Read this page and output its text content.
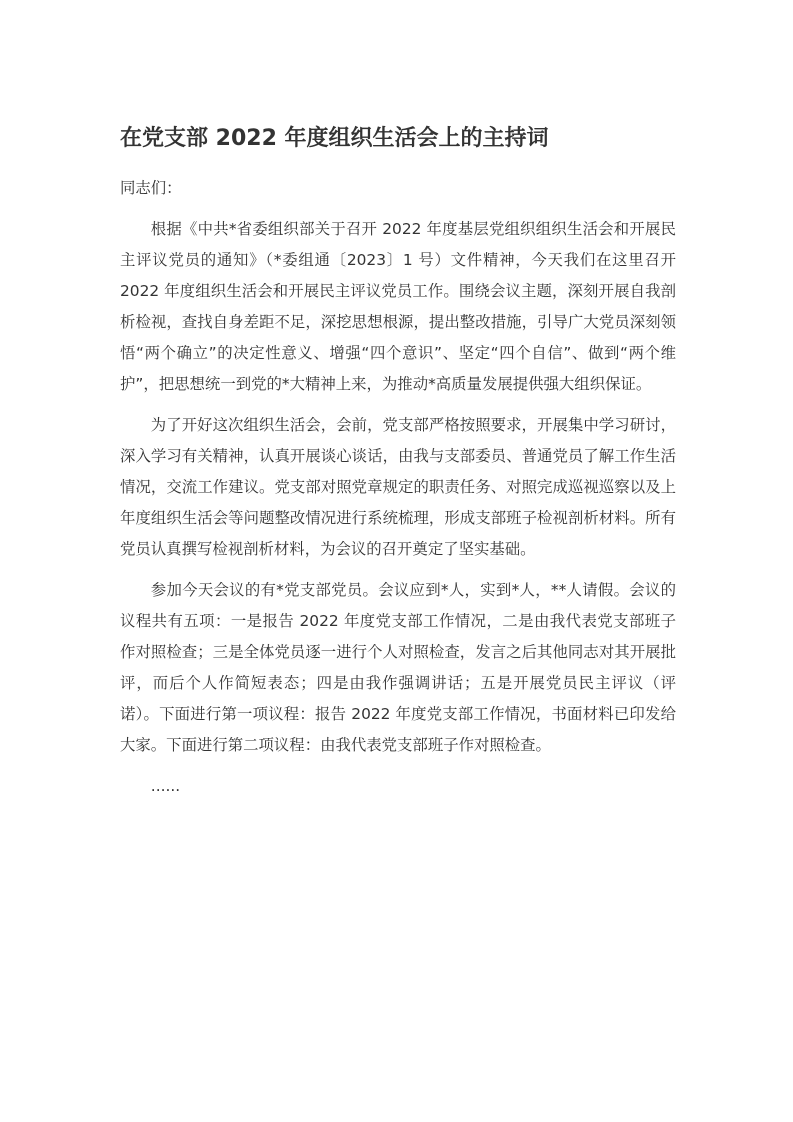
在党支部 2022 年度组织生活会上的主持词

同志们：

根据《中共*省委组织部关于召开 2022 年度基层党组织组织生活会和开展民主评议党员的通知》（*委组通〔2023〕1 号）文件精神，今天我们在这里召开 2022 年度组织生活会和开展民主评议党员工作。围绕会议主题，深刻开展自我剖析检视，查找自身差距不足，深挖思想根源，提出整改措施，引导广大党员深刻领悟“两个确立”的决定性意义、增强“四个意识”、坚定“四个自信”、做到“两个维护”，把思想统一到党的*大精神上来，为推动*高质量发展提供强大组织保证。

为了开好这次组织生活会，会前，党支部严格按照要求，开展集中学习研讨，深入学习有关精神，认真开展谈心谈话，由我与支部委员、普通党员了解工作生活情况，交流工作建议。党支部对照党章规定的职责任务、对照完成巡视巡察以及上年度组织生活会等问题整改情况进行系统梳理，形成支部班子检视剖析材料。所有党员认真撰写检视剖析材料，为会议的召开奠定了坚实基础。

参加今天会议的有*党支部党员。会议应到*人，实到*人，**人请假。会议的议程共有五项：一是报告 2022 年度党支部工作情况，二是由我代表党支部班子作对照检查；三是全体党员逐一进行个人对照检查，发言之后其他同志对其开展批评，而后个人作简短表态；四是由我作强调讲话；五是开展党员民主评议（评诺）。下面进行第一项议程：报告 2022 年度党支部工作情况，书面材料已印发给大家。下面进行第二项议程：由我代表党支部班子作对照检查。

......
